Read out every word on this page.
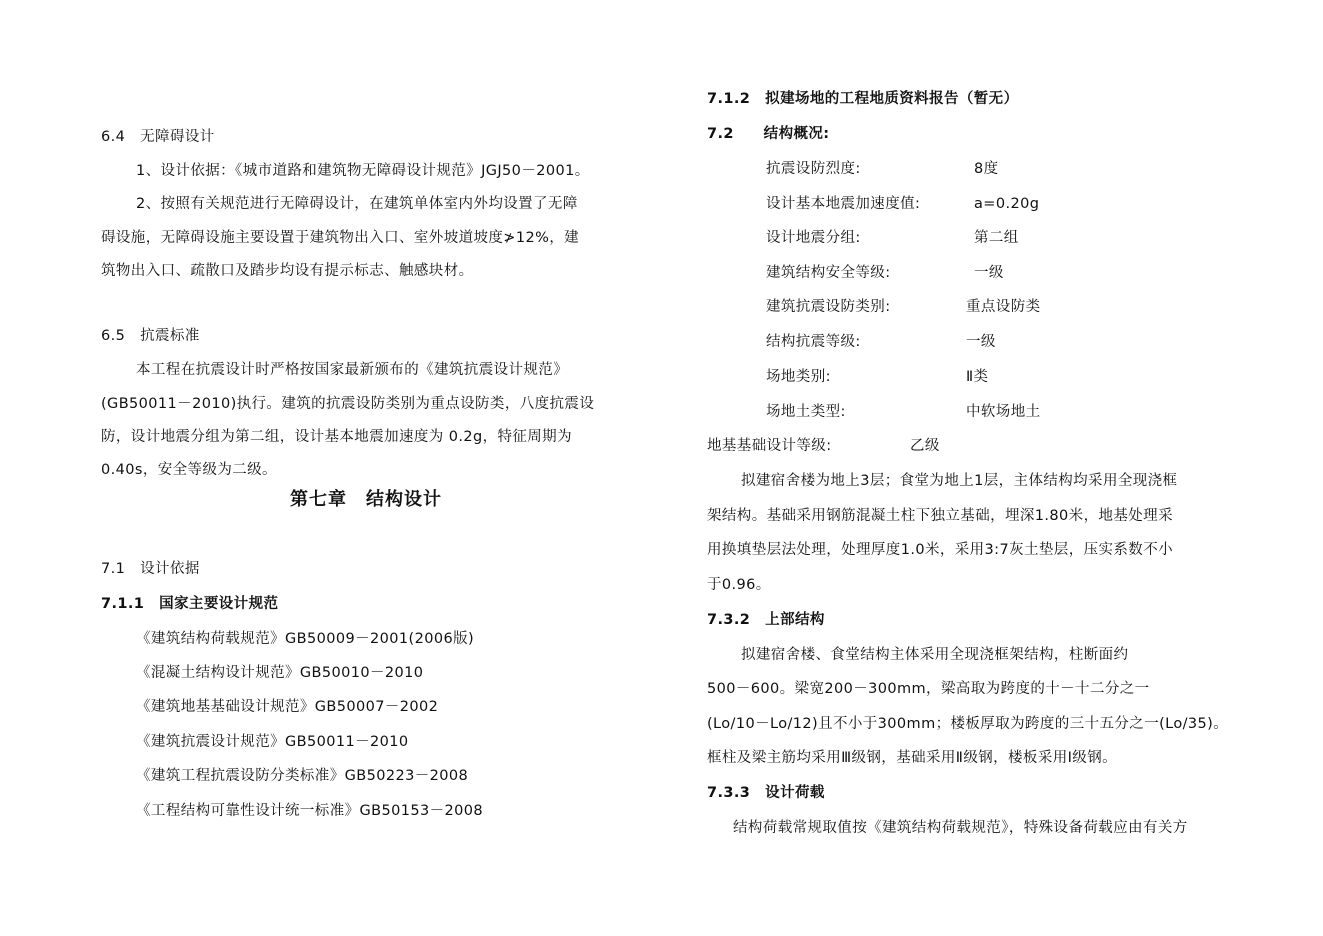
6.4　无障碍设计
1、设计依据：《城市道路和建筑物无障碍设计规范》JGJ50－2001。
2、按照有关规范进行无障碍设计，在建筑单体室内外均设置了无障
碍设施，无障碍设施主要设置于建筑物出入口、室外坡道坡度≯12%，建
筑物出入口、疏散口及踏步均设有提示标志、触感块材。
6.5　抗震标准
本工程在抗震设计时严格按国家最新颁布的《建筑抗震设计规范》
(GB50011－2010)执行。建筑的抗震设防类别为重点设防类，八度抗震设
防，设计地震分组为第二组，设计基本地震加速度为 0.2g，特征周期为
0.40s，安全等级为二级。
第七章　结构设计
7.1　设计依据
7.1.1　国家主要设计规范
《建筑结构荷载规范》GB50009－2001(2006版)
《混凝土结构设计规范》GB50010－2010
《建筑地基基础设计规范》GB50007－2002
《建筑抗震设计规范》GB50011－2010
《建筑工程抗震设防分类标准》GB50223－2008
《工程结构可靠性设计统一标准》GB50153－2008
7.1.2　拟建场地的工程地质资料报告（暂无）
7.2　　结构概况:
抗震设防烈度:	8度
设计基本地震加速度值:	a=0.20g
设计地震分组:	第二组
建筑结构安全等级:	一级
建筑抗震设防类别:	重点设防类
结构抗震等级:	一级
场地类别:	Ⅱ类
场地土类型:	中软场地土
地基基础设计等级:	乙级
拟建宿舍楼为地上3层；食堂为地上1层，主体结构均采用全现浇框
架结构。基础采用钢筋混凝土柱下独立基础，埋深1.80米，地基处理采
用换填垫层法处理，处理厚度1.0米，采用3:7灰土垫层，压实系数不小
于0.96。
7.3.2　上部结构
拟建宿舍楼、食堂结构主体采用全现浇框架结构，柱断面约
500－600。梁宽200－300mm，梁高取为跨度的十－十二分之一
(Lo/10－Lo/12)且不小于300mm；楼板厚取为跨度的三十五分之一(Lo/35)。
框柱及梁主筋均采用Ⅲ级钢，基础采用Ⅱ级钢，楼板采用Ⅰ级钢。
7.3.3　设计荷载
结构荷载常规取值按《建筑结构荷载规范》，特殊设备荷载应由有关方
